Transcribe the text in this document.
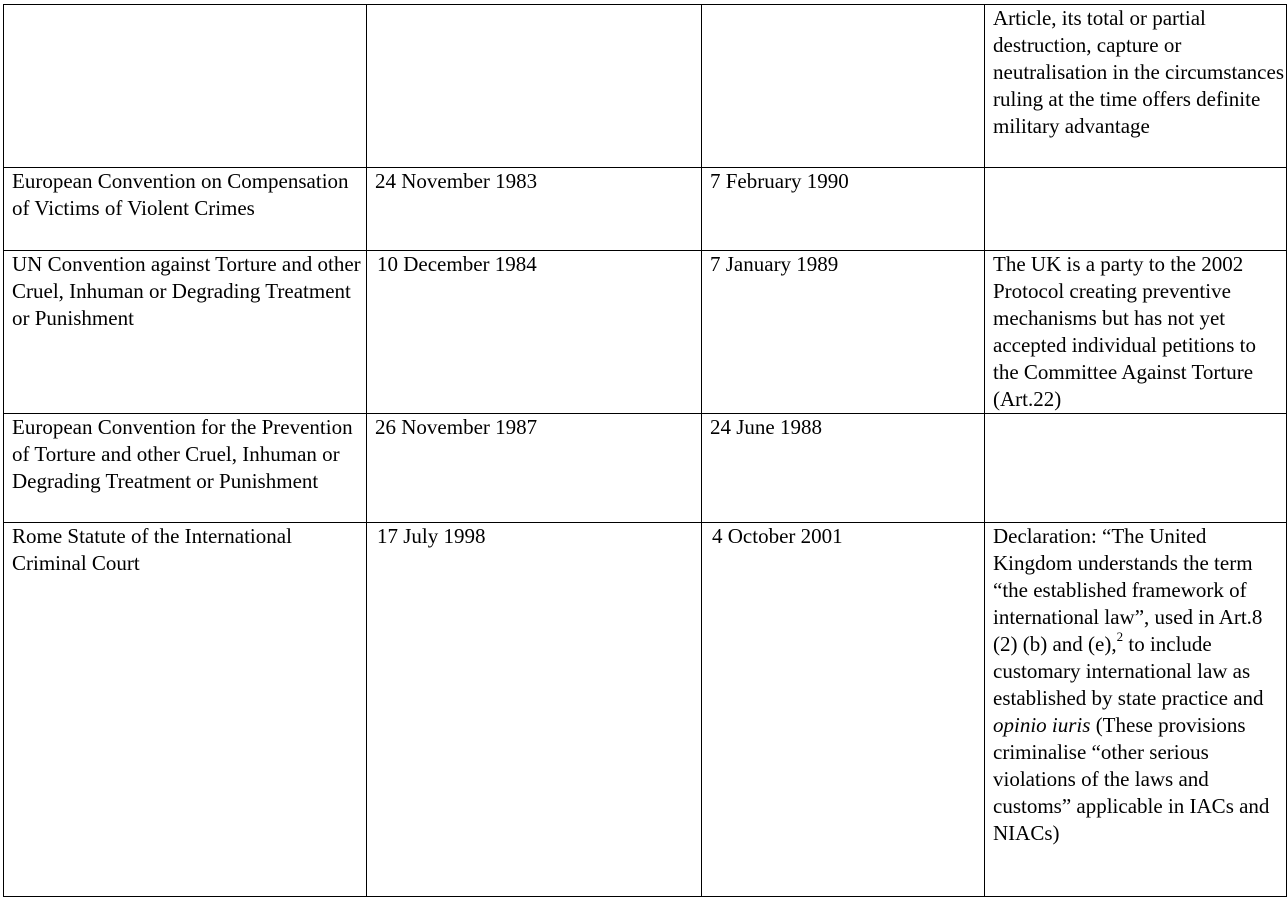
			Article, its total or partial destruction, capture or neutralisation in the circumstances ruling at the time offers definite military advantage
European Convention on Compensation of Victims of Violent Crimes	24 November 1983	7 February 1990	
UN Convention against Torture and other Cruel, Inhuman or Degrading Treatment or Punishment	10 December 1984	7 January 1989	The UK is a party to the 2002 Protocol creating preventive mechanisms but has not yet accepted individual petitions to the Committee Against Torture (Art.22)
European Convention for the Prevention of Torture and other Cruel, Inhuman or Degrading Treatment or Punishment	26 November 1987	24 June 1988	
Rome Statute of the International Criminal Court	17 July 1998	4 October 2001	Declaration: “The United Kingdom understands the term “the established framework of international law”, used in Art.8 (2) (b) and (e),$^2$ to include customary international law as established by state practice and opinio iuris (These provisions criminalise “other serious violations of the laws and customs” applicable in IACs and NIACs)
